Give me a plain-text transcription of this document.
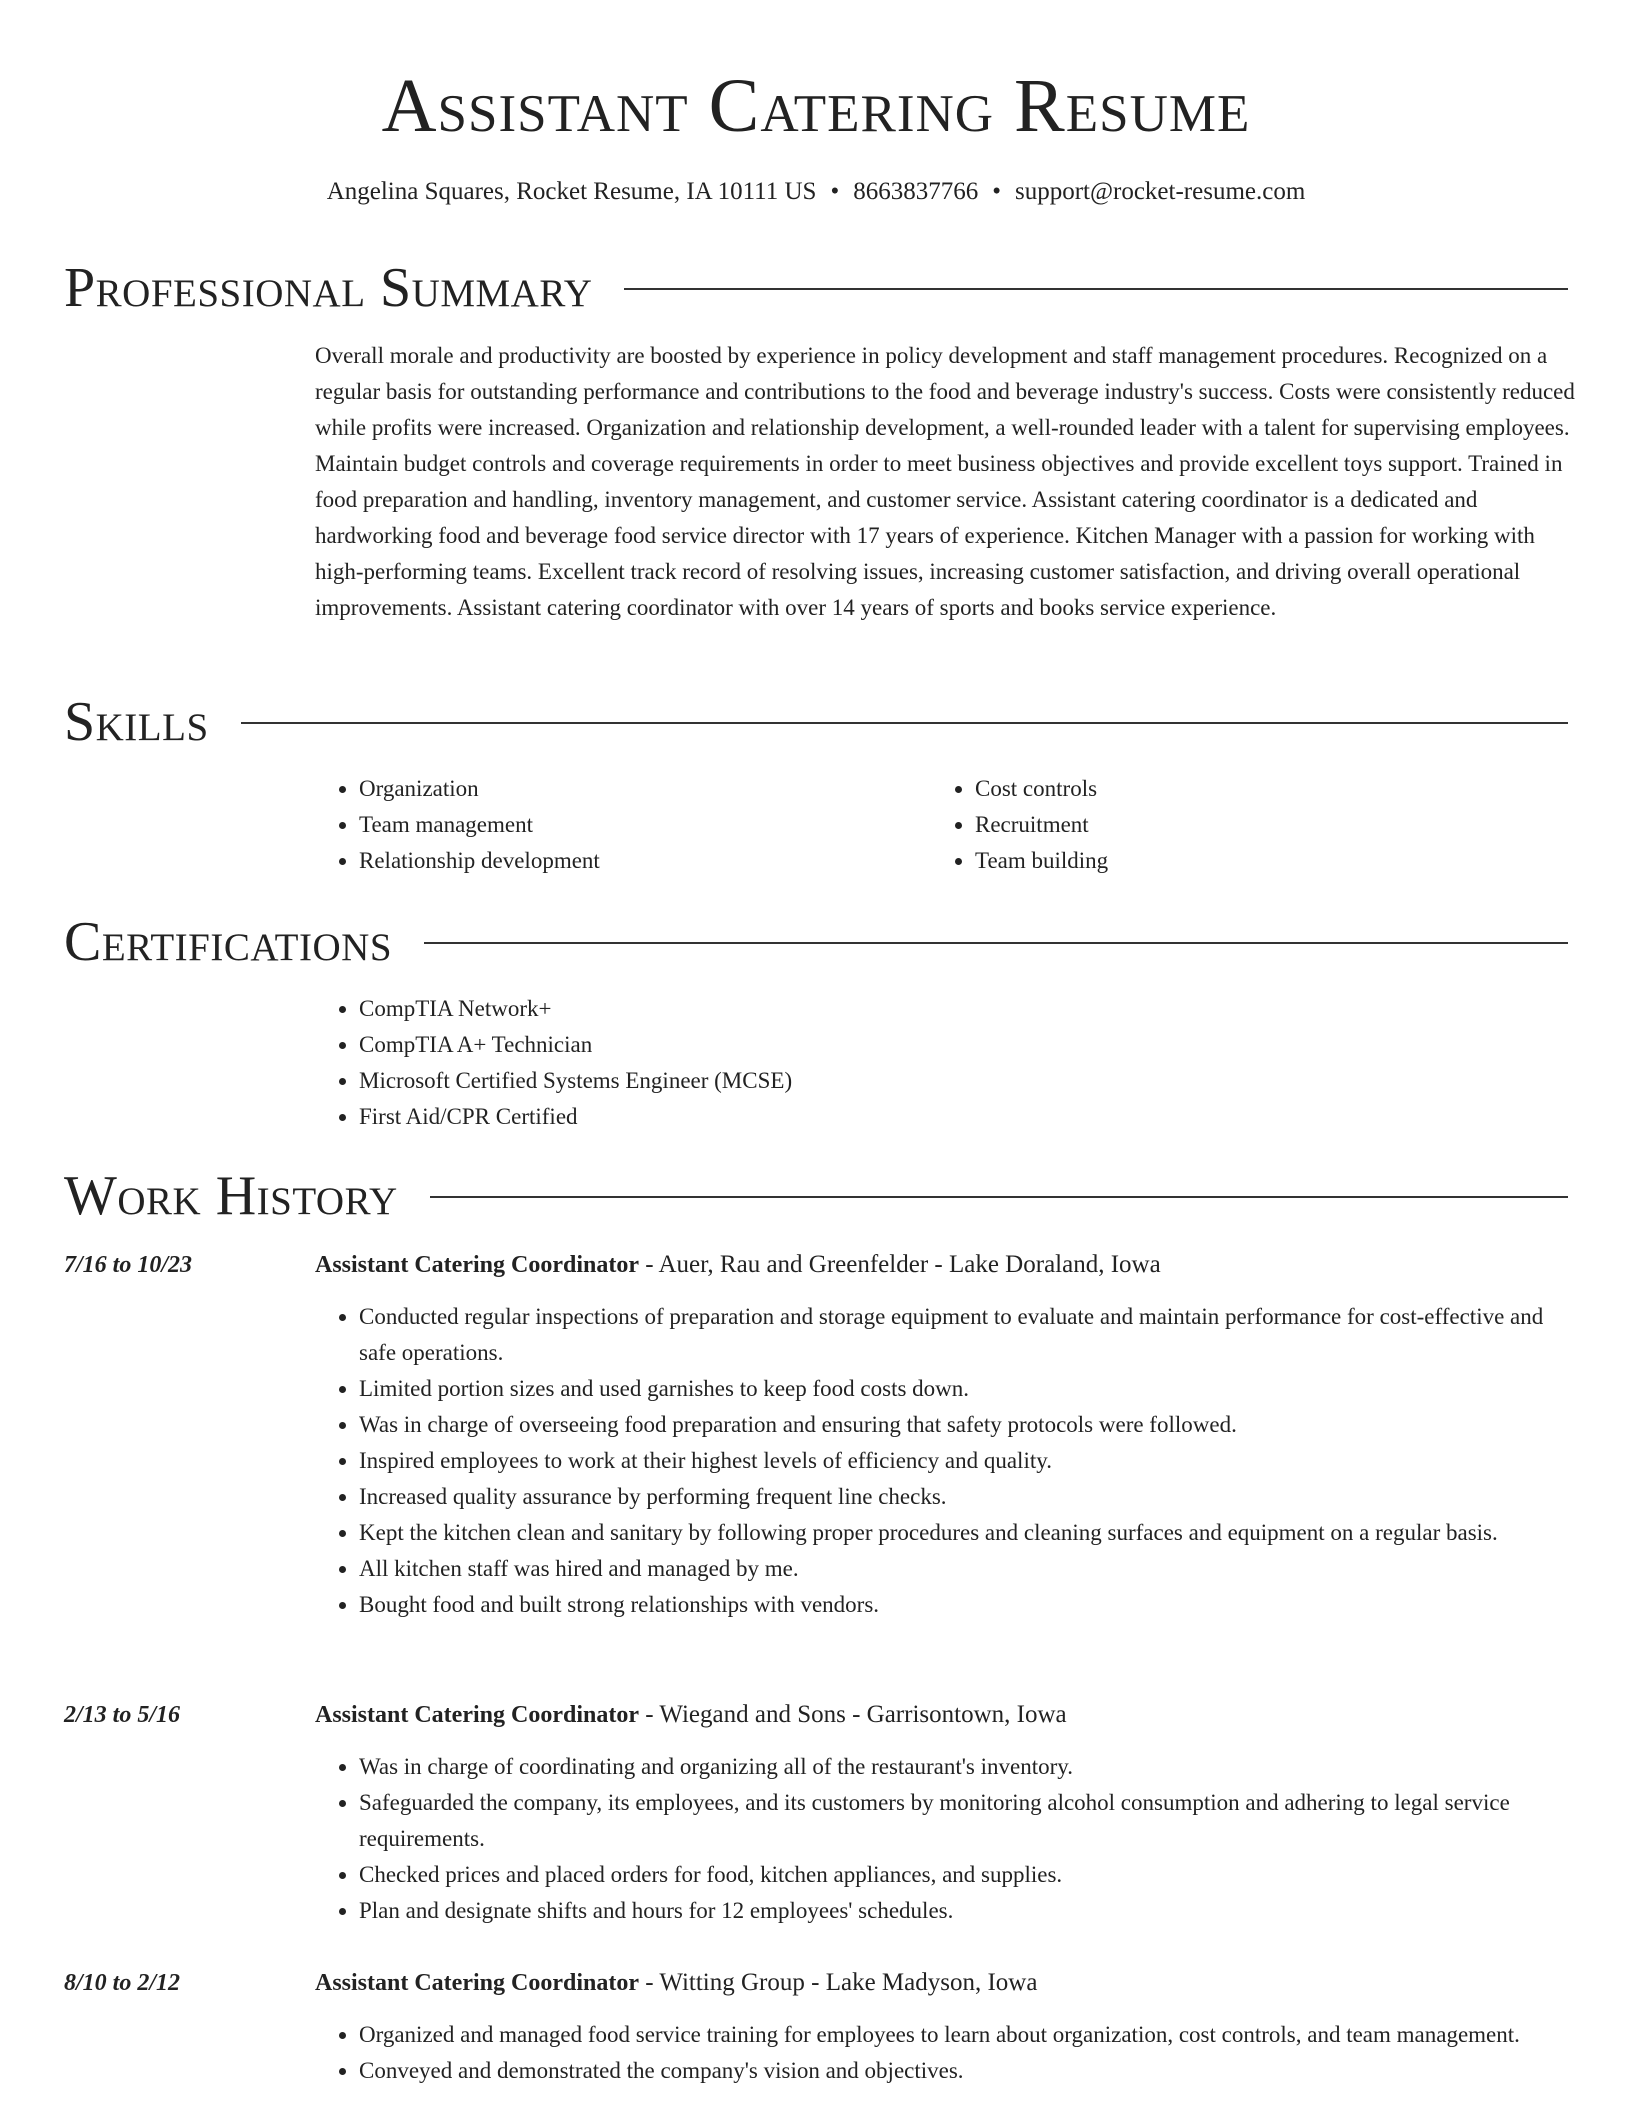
Assistant Catering Resume
Angelina Squares, Rocket Resume, IA 10111 US • 8663837766 • support@rocket-resume.com
Professional Summary

Overall morale and productivity are boosted by experience in policy development and staff management procedures. Recognized on a regular basis for outstanding performance and contributions to the food and beverage industry's success. Costs were consistently reduced while profits were increased. Organization and relationship development, a well-rounded leader with a talent for supervising employees. Maintain budget controls and coverage requirements in order to meet business objectives and provide excellent toys support. Trained in food preparation and handling, inventory management, and customer service. Assistant catering coordinator is a dedicated and hardworking food and beverage food service director with 17 years of experience. Kitchen Manager with a passion for working with high-performing teams. Excellent track record of resolving issues, increasing customer satisfaction, and driving overall operational improvements. Assistant catering coordinator with over 14 years of sports and books service experience.

Skills
• Organization
• Team management
• Relationship development
• Cost controls
• Recruitment
• Team building
Certifications
• CompTIA Network+
• CompTIA A+ Technician
• Microsoft Certified Systems Engineer (MCSE)
• First Aid/CPR Certified
Work History
7/16 to 10/23	Assistant Catering Coordinator - Auer, Rau and Greenfelder - Lake Doraland, Iowa
• Conducted regular inspections of preparation and storage equipment to evaluate and maintain performance for cost-effective and safe operations.
• Limited portion sizes and used garnishes to keep food costs down.
• Was in charge of overseeing food preparation and ensuring that safety protocols were followed.
• Inspired employees to work at their highest levels of efficiency and quality.
• Increased quality assurance by performing frequent line checks.
• Kept the kitchen clean and sanitary by following proper procedures and cleaning surfaces and equipment on a regular basis.
• All kitchen staff was hired and managed by me.
• Bought food and built strong relationships with vendors.
2/13 to 5/16	Assistant Catering Coordinator - Wiegand and Sons - Garrisontown, Iowa
• Was in charge of coordinating and organizing all of the restaurant's inventory.
• Safeguarded the company, its employees, and its customers by monitoring alcohol consumption and adhering to legal service requirements.
• Checked prices and placed orders for food, kitchen appliances, and supplies.
• Plan and designate shifts and hours for 12 employees' schedules.
8/10 to 2/12	Assistant Catering Coordinator - Witting Group - Lake Madyson, Iowa
• Organized and managed food service training for employees to learn about organization, cost controls, and team management.
• Conveyed and demonstrated the company's vision and objectives.
